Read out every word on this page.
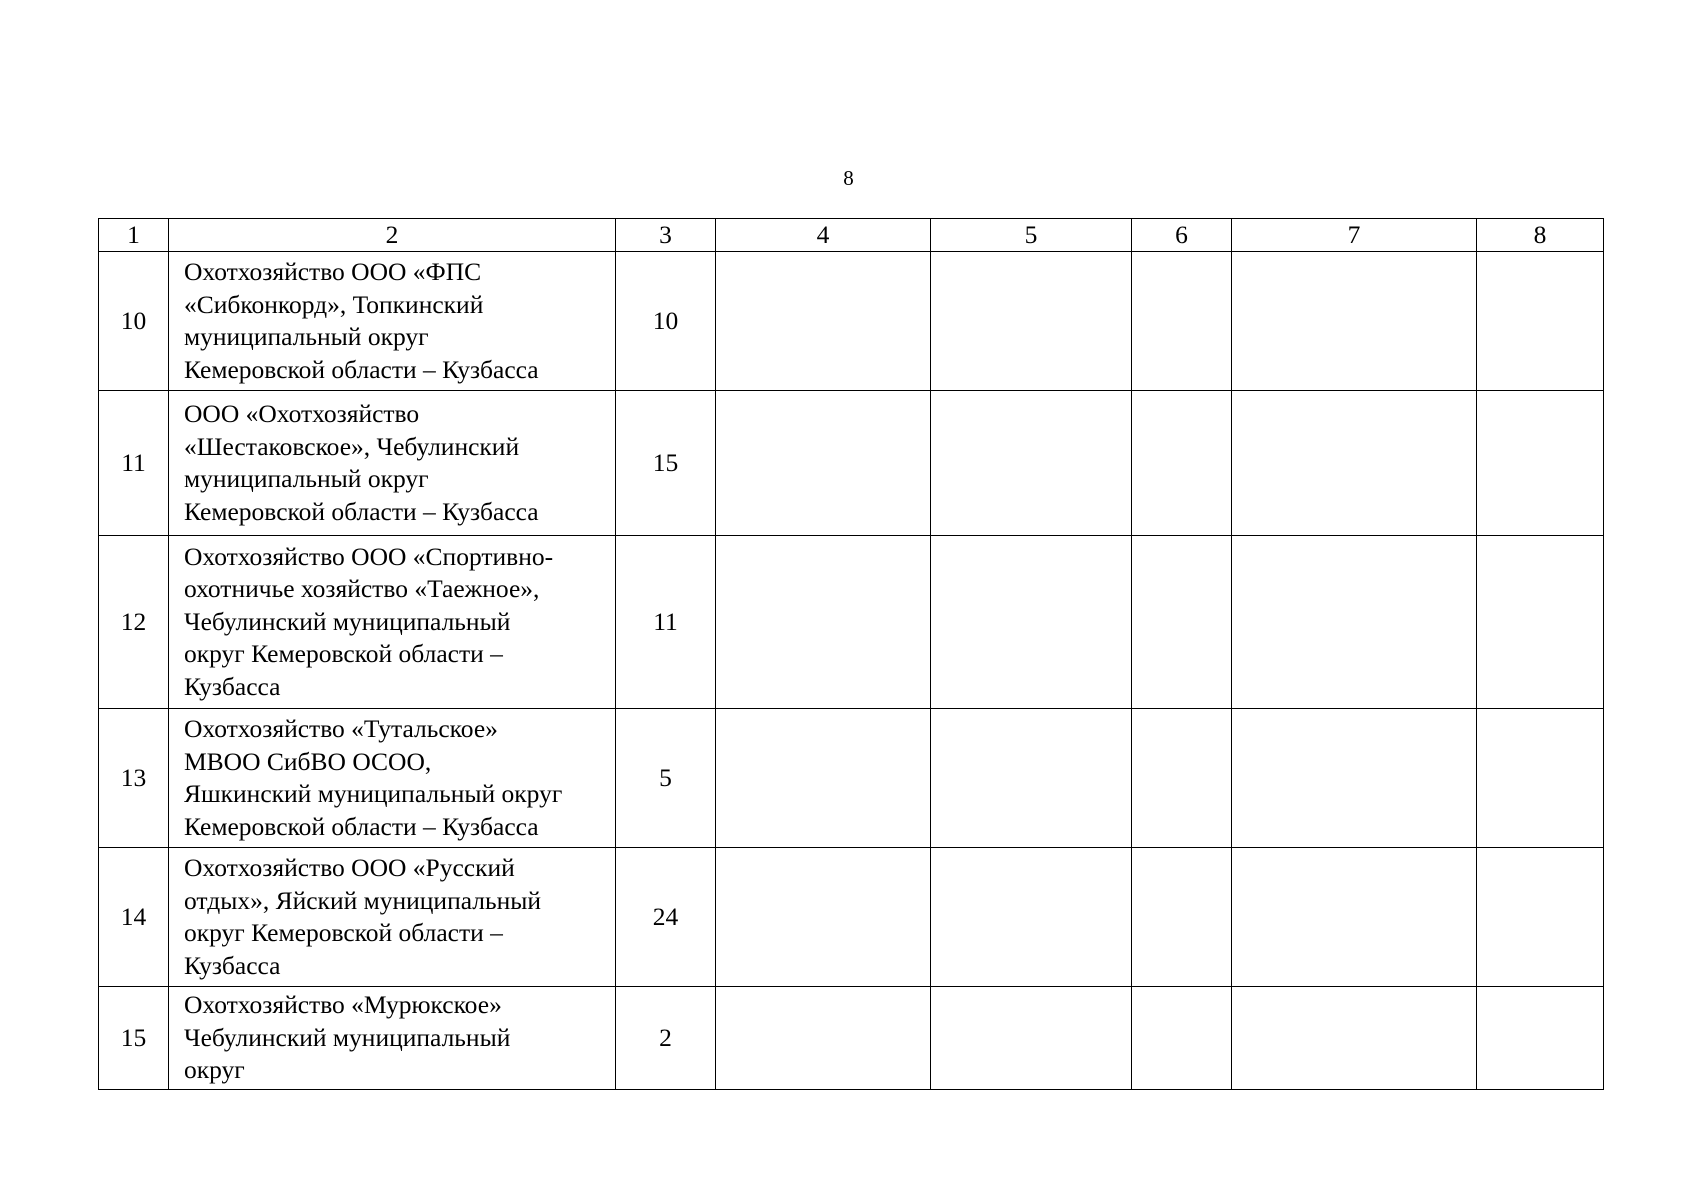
8
1	2	3	4	5	6	7	8
10	Охотхозяйство ООО «ФПС
«Сибконкорд», Топкинский
муниципальный округ
Кемеровской области – Кузбасса	10					
11	ООО «Охотхозяйство
«Шестаковское», Чебулинский
муниципальный округ
Кемеровской области – Кузбасса	15					
12	Охотхозяйство ООО «Спортивно-
охотничье хозяйство «Таежное»,
Чебулинский муниципальный
округ Кемеровской области –
Кузбасса	11					
13	Охотхозяйство «Тутальское»
МВОО СибВО ОСОО,
Яшкинский муниципальный округ
Кемеровской области – Кузбасса	5					
14	Охотхозяйство ООО «Русский
отдых», Яйский муниципальный
округ Кемеровской области –
Кузбасса	24					
15	Охотхозяйство «Мурюкское»
Чебулинский муниципальный
округ	2					
